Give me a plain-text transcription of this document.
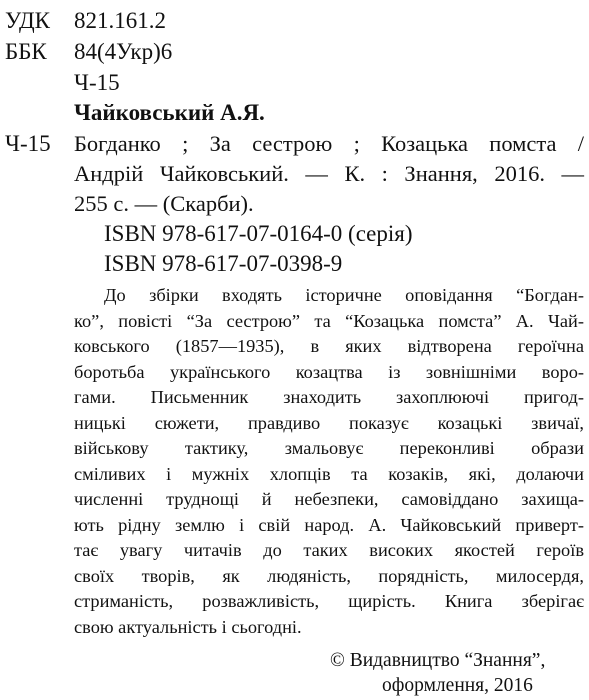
УДК 821.161.2
ББК 84(4Укр)6
Ч-15
Чайковський А.Я.
Ч-15 Богданко ; За сестрою ; Козацька помста /
Андрій Чайковський. — К. : Знання, 2016. —
255 с. — (Скарби).
ISBN 978-617-07-0164-0 (серія)
ISBN 978-617-07-0398-9
До збірки входять історичне оповідання “Богдан-
ко”, повісті “За сестрою” та “Козацька помста” А. Чай-
ковського (1857—1935), в яких відтворена героїчна
боротьба українського козацтва із зовнішніми воро-
гами. Письменник знаходить захоплюючі пригод-
ницькі сюжети, правдиво показує козацькі звичаї,
військову тактику, змальовує переконливі образи
сміливих і мужніх хлопців та козаків, які, долаючи
численні труднощі й небезпеки, самовіддано захища-
ють рідну землю і свій народ. А. Чайковський приверт-
тає увагу читачів до таких високих якостей героїв
своїх творів, як людяність, порядність, милосердя,
стриманість, розважливість, щирість. Книга зберігає
свою актуальність і сьогодні.
© Видавництво “Знання”,
оформлення, 2016
